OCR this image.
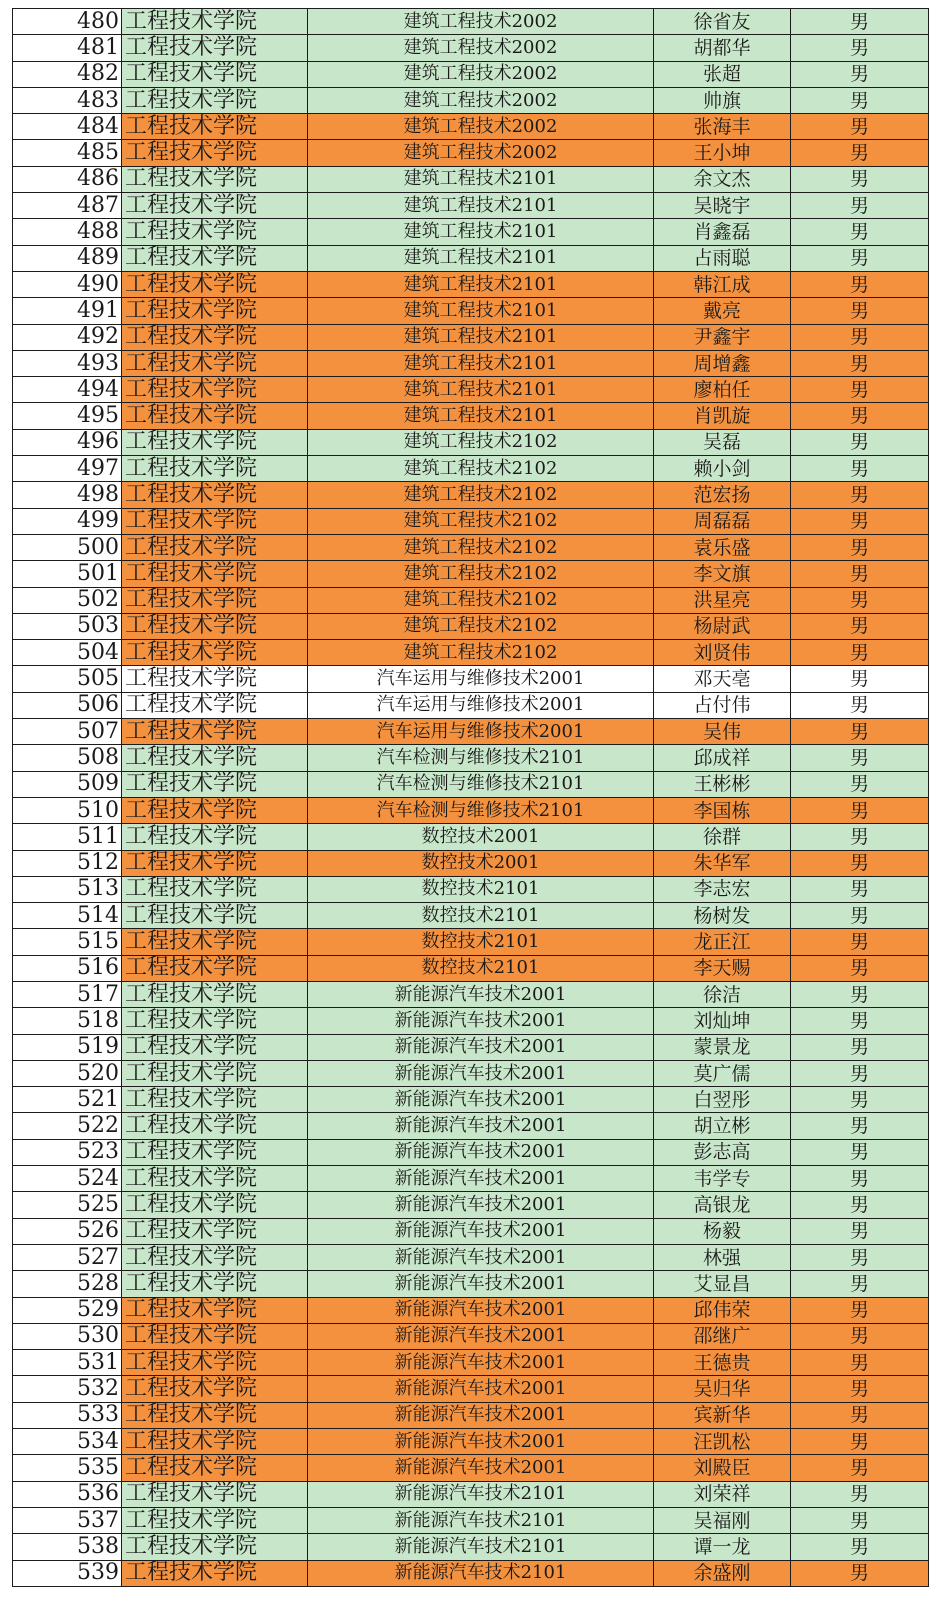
480	工程技术学院	建筑工程技术2002	徐省友	男
481	工程技术学院	建筑工程技术2002	胡都华	男
482	工程技术学院	建筑工程技术2002	张超	男
483	工程技术学院	建筑工程技术2002	帅旗	男
484	工程技术学院	建筑工程技术2002	张海丰	男
485	工程技术学院	建筑工程技术2002	王小坤	男
486	工程技术学院	建筑工程技术2101	余文杰	男
487	工程技术学院	建筑工程技术2101	吴晓宇	男
488	工程技术学院	建筑工程技术2101	肖鑫磊	男
489	工程技术学院	建筑工程技术2101	占雨聪	男
490	工程技术学院	建筑工程技术2101	韩江成	男
491	工程技术学院	建筑工程技术2101	戴亮	男
492	工程技术学院	建筑工程技术2101	尹鑫宇	男
493	工程技术学院	建筑工程技术2101	周增鑫	男
494	工程技术学院	建筑工程技术2101	廖柏任	男
495	工程技术学院	建筑工程技术2101	肖凯旋	男
496	工程技术学院	建筑工程技术2102	吴磊	男
497	工程技术学院	建筑工程技术2102	赖小剑	男
498	工程技术学院	建筑工程技术2102	范宏扬	男
499	工程技术学院	建筑工程技术2102	周磊磊	男
500	工程技术学院	建筑工程技术2102	袁乐盛	男
501	工程技术学院	建筑工程技术2102	李文旗	男
502	工程技术学院	建筑工程技术2102	洪星亮	男
503	工程技术学院	建筑工程技术2102	杨尉武	男
504	工程技术学院	建筑工程技术2102	刘贤伟	男
505	工程技术学院	汽车运用与维修技术2001	邓天亳	男
506	工程技术学院	汽车运用与维修技术2001	占付伟	男
507	工程技术学院	汽车运用与维修技术2001	吴伟	男
508	工程技术学院	汽车检测与维修技术2101	邱成祥	男
509	工程技术学院	汽车检测与维修技术2101	王彬彬	男
510	工程技术学院	汽车检测与维修技术2101	李国栋	男
511	工程技术学院	数控技术2001	徐群	男
512	工程技术学院	数控技术2001	朱华军	男
513	工程技术学院	数控技术2101	李志宏	男
514	工程技术学院	数控技术2101	杨树发	男
515	工程技术学院	数控技术2101	龙正江	男
516	工程技术学院	数控技术2101	李天赐	男
517	工程技术学院	新能源汽车技术2001	徐洁	男
518	工程技术学院	新能源汽车技术2001	刘灿坤	男
519	工程技术学院	新能源汽车技术2001	蒙景龙	男
520	工程技术学院	新能源汽车技术2001	莫广儒	男
521	工程技术学院	新能源汽车技术2001	白翌彤	男
522	工程技术学院	新能源汽车技术2001	胡立彬	男
523	工程技术学院	新能源汽车技术2001	彭志高	男
524	工程技术学院	新能源汽车技术2001	韦学专	男
525	工程技术学院	新能源汽车技术2001	高银龙	男
526	工程技术学院	新能源汽车技术2001	杨毅	男
527	工程技术学院	新能源汽车技术2001	林强	男
528	工程技术学院	新能源汽车技术2001	艾显昌	男
529	工程技术学院	新能源汽车技术2001	邱伟荣	男
530	工程技术学院	新能源汽车技术2001	邵继广	男
531	工程技术学院	新能源汽车技术2001	王德贵	男
532	工程技术学院	新能源汽车技术2001	吴归华	男
533	工程技术学院	新能源汽车技术2001	宾新华	男
534	工程技术学院	新能源汽车技术2001	汪凯松	男
535	工程技术学院	新能源汽车技术2001	刘殿臣	男
536	工程技术学院	新能源汽车技术2101	刘荣祥	男
537	工程技术学院	新能源汽车技术2101	吴福刚	男
538	工程技术学院	新能源汽车技术2101	谭一龙	男
539	工程技术学院	新能源汽车技术2101	余盛刚	男
